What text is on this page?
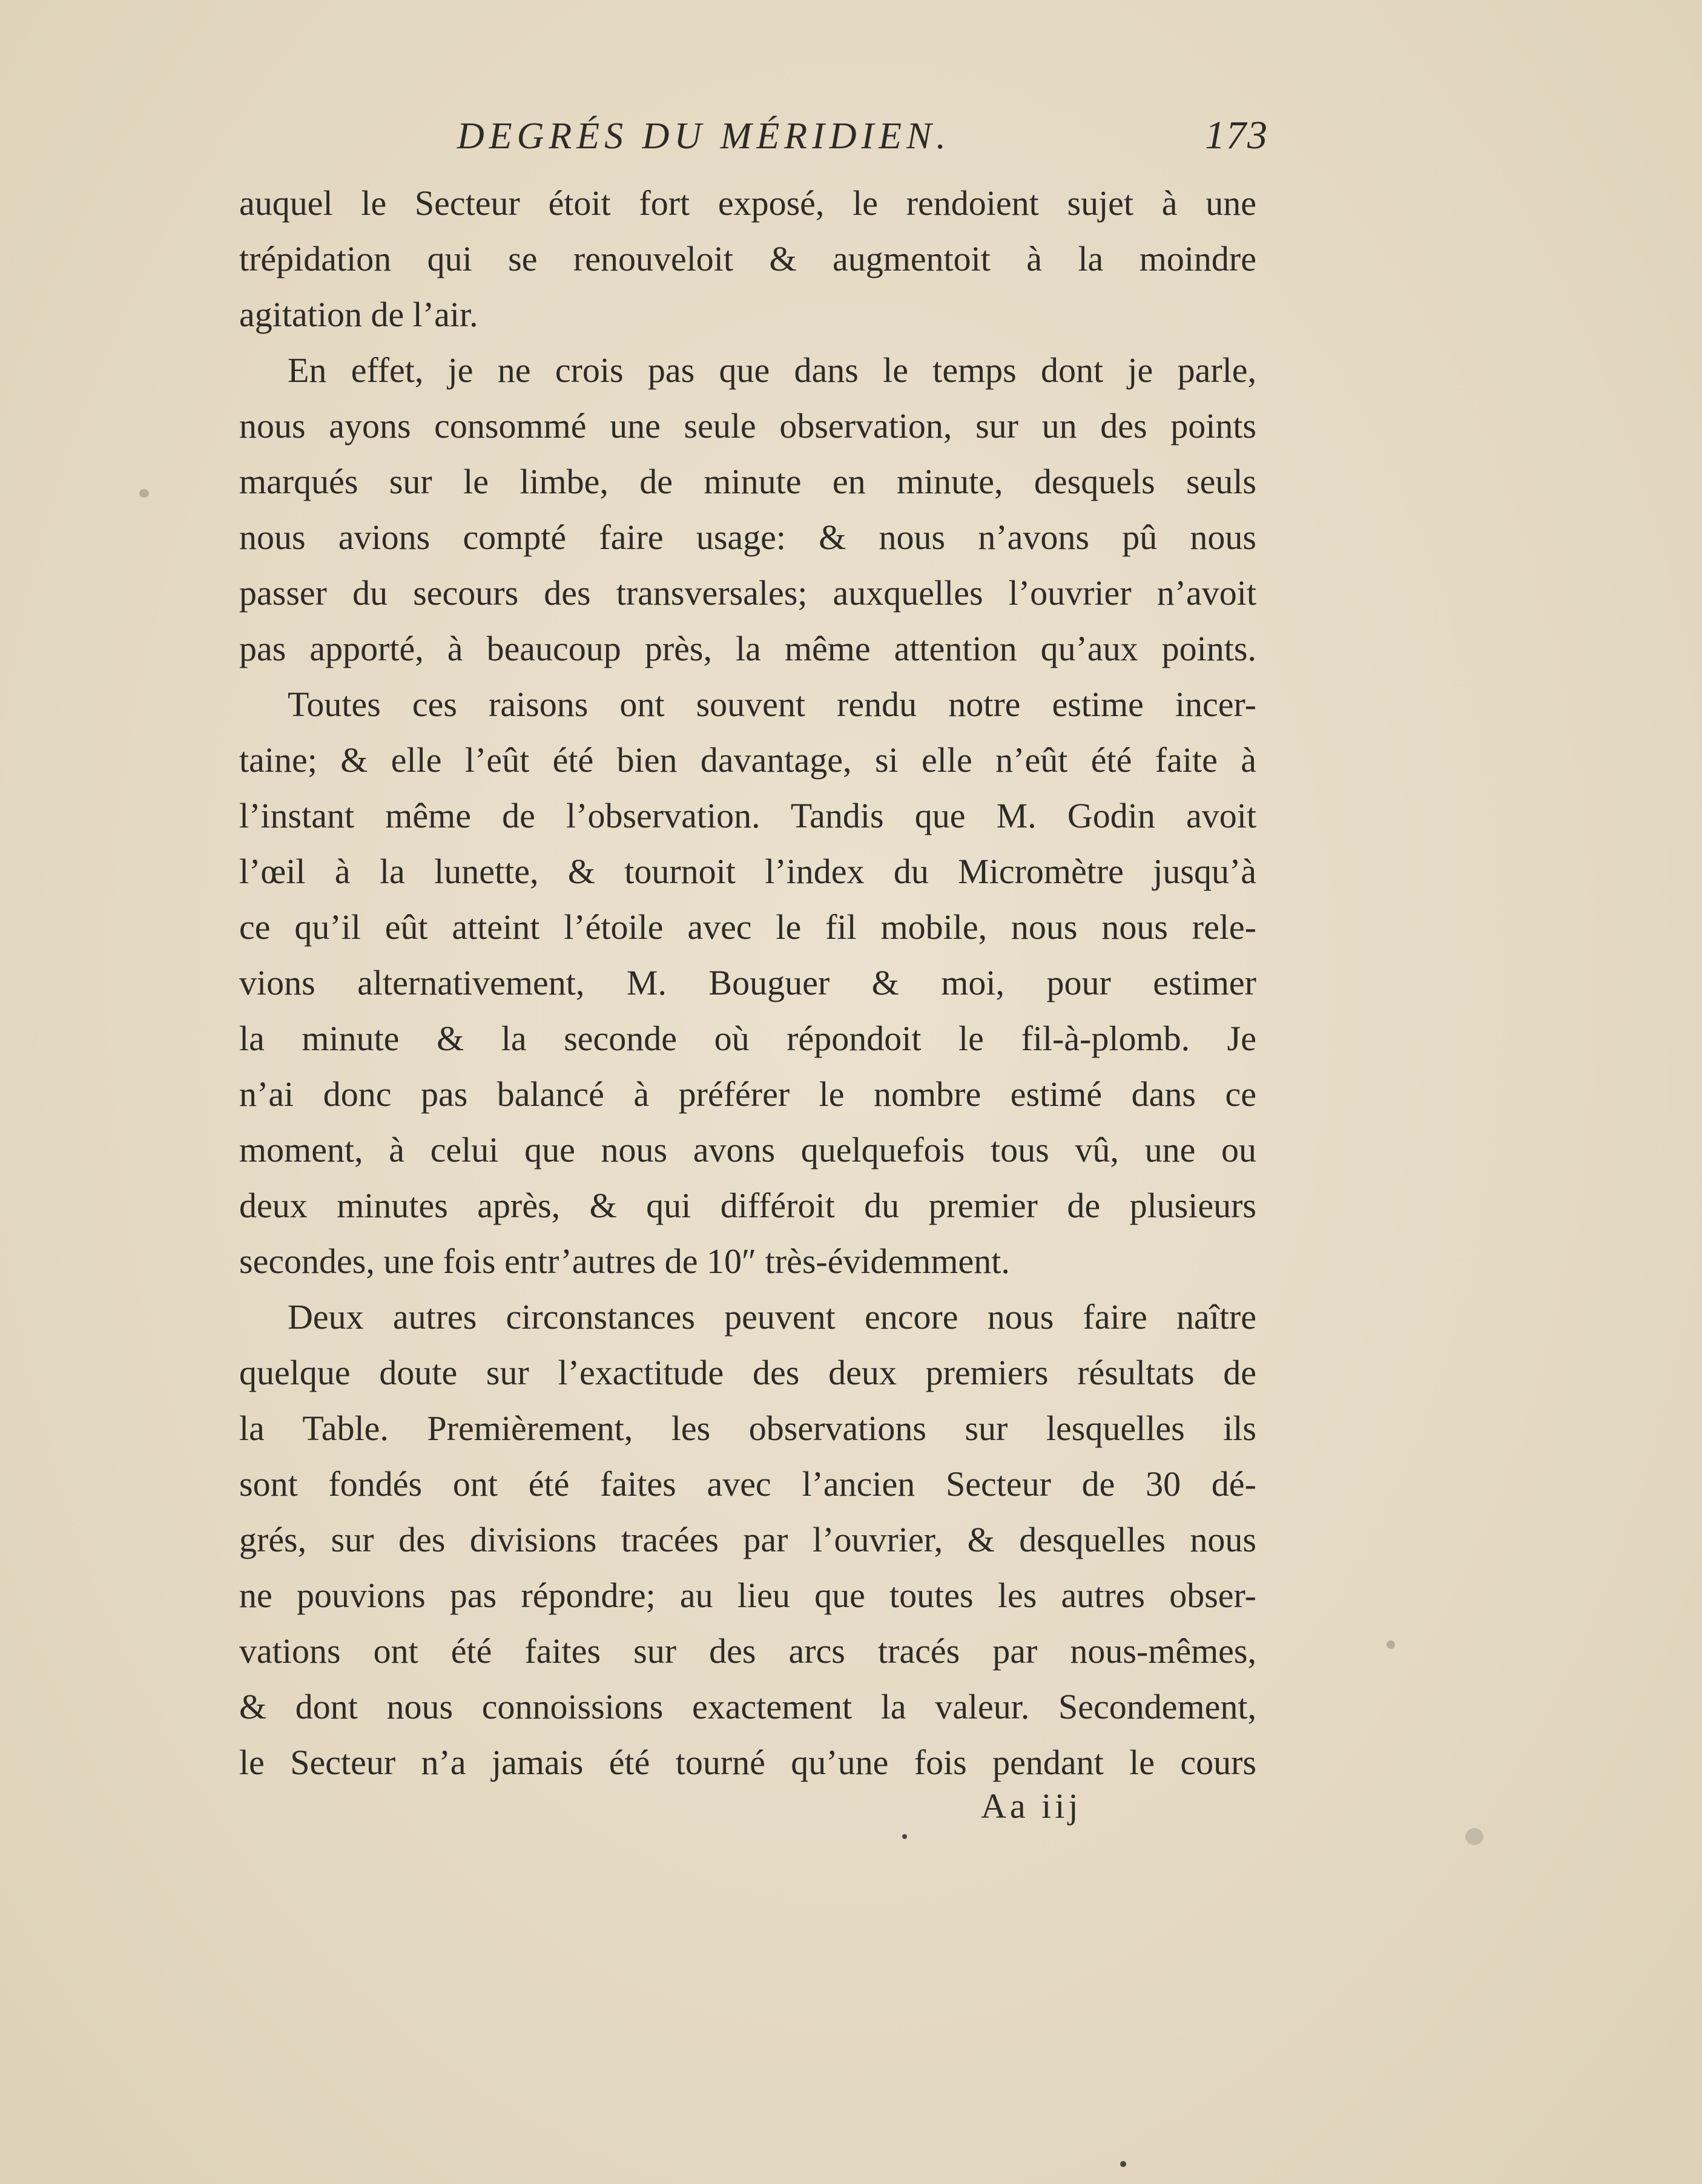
DEGRÉS DU MÉRIDIEN.	173
auquel le Secteur étoit fort exposé, le rendoient sujet à une
trépidation qui se renouveloit & augmentoit à la moindre
agitation de l’air.
En effet, je ne crois pas que dans le temps dont je parle,
nous ayons consommé une seule observation, sur un des points
marqués sur le limbe, de minute en minute, desquels seuls
nous avions compté faire usage: & nous n’avons pû nous
passer du secours des transversales; auxquelles l’ouvrier n’avoit
pas apporté, à beaucoup près, la même attention qu’aux points.
Toutes ces raisons ont souvent rendu notre estime incer-
taine; & elle l’eût été bien davantage, si elle n’eût été faite à
l’instant même de l’observation. Tandis que M. Godin avoit
l’œil à la lunette, & tournoit l’index du Micromètre jusqu’à
ce qu’il eût atteint l’étoile avec le fil mobile, nous nous rele-
vions alternativement, M. Bouguer & moi, pour estimer
la minute & la seconde où répondoit le fil-à-plomb. Je
n’ai donc pas balancé à préférer le nombre estimé dans ce
moment, à celui que nous avons quelquefois tous vû, une ou
deux minutes après, & qui différoit du premier de plusieurs
secondes, une fois entr’autres de 10″ très-évidemment.
Deux autres circonstances peuvent encore nous faire naître
quelque doute sur l’exactitude des deux premiers résultats de
la Table. Premièrement, les observations sur lesquelles ils
sont fondés ont été faites avec l’ancien Secteur de 30 dé-
grés, sur des divisions tracées par l’ouvrier, & desquelles nous
ne pouvions pas répondre; au lieu que toutes les autres obser-
vations ont été faites sur des arcs tracés par nous-mêmes,
& dont nous connoissions exactement la valeur. Secondement,
le Secteur n’a jamais été tourné qu’une fois pendant le cours
Aa iij
